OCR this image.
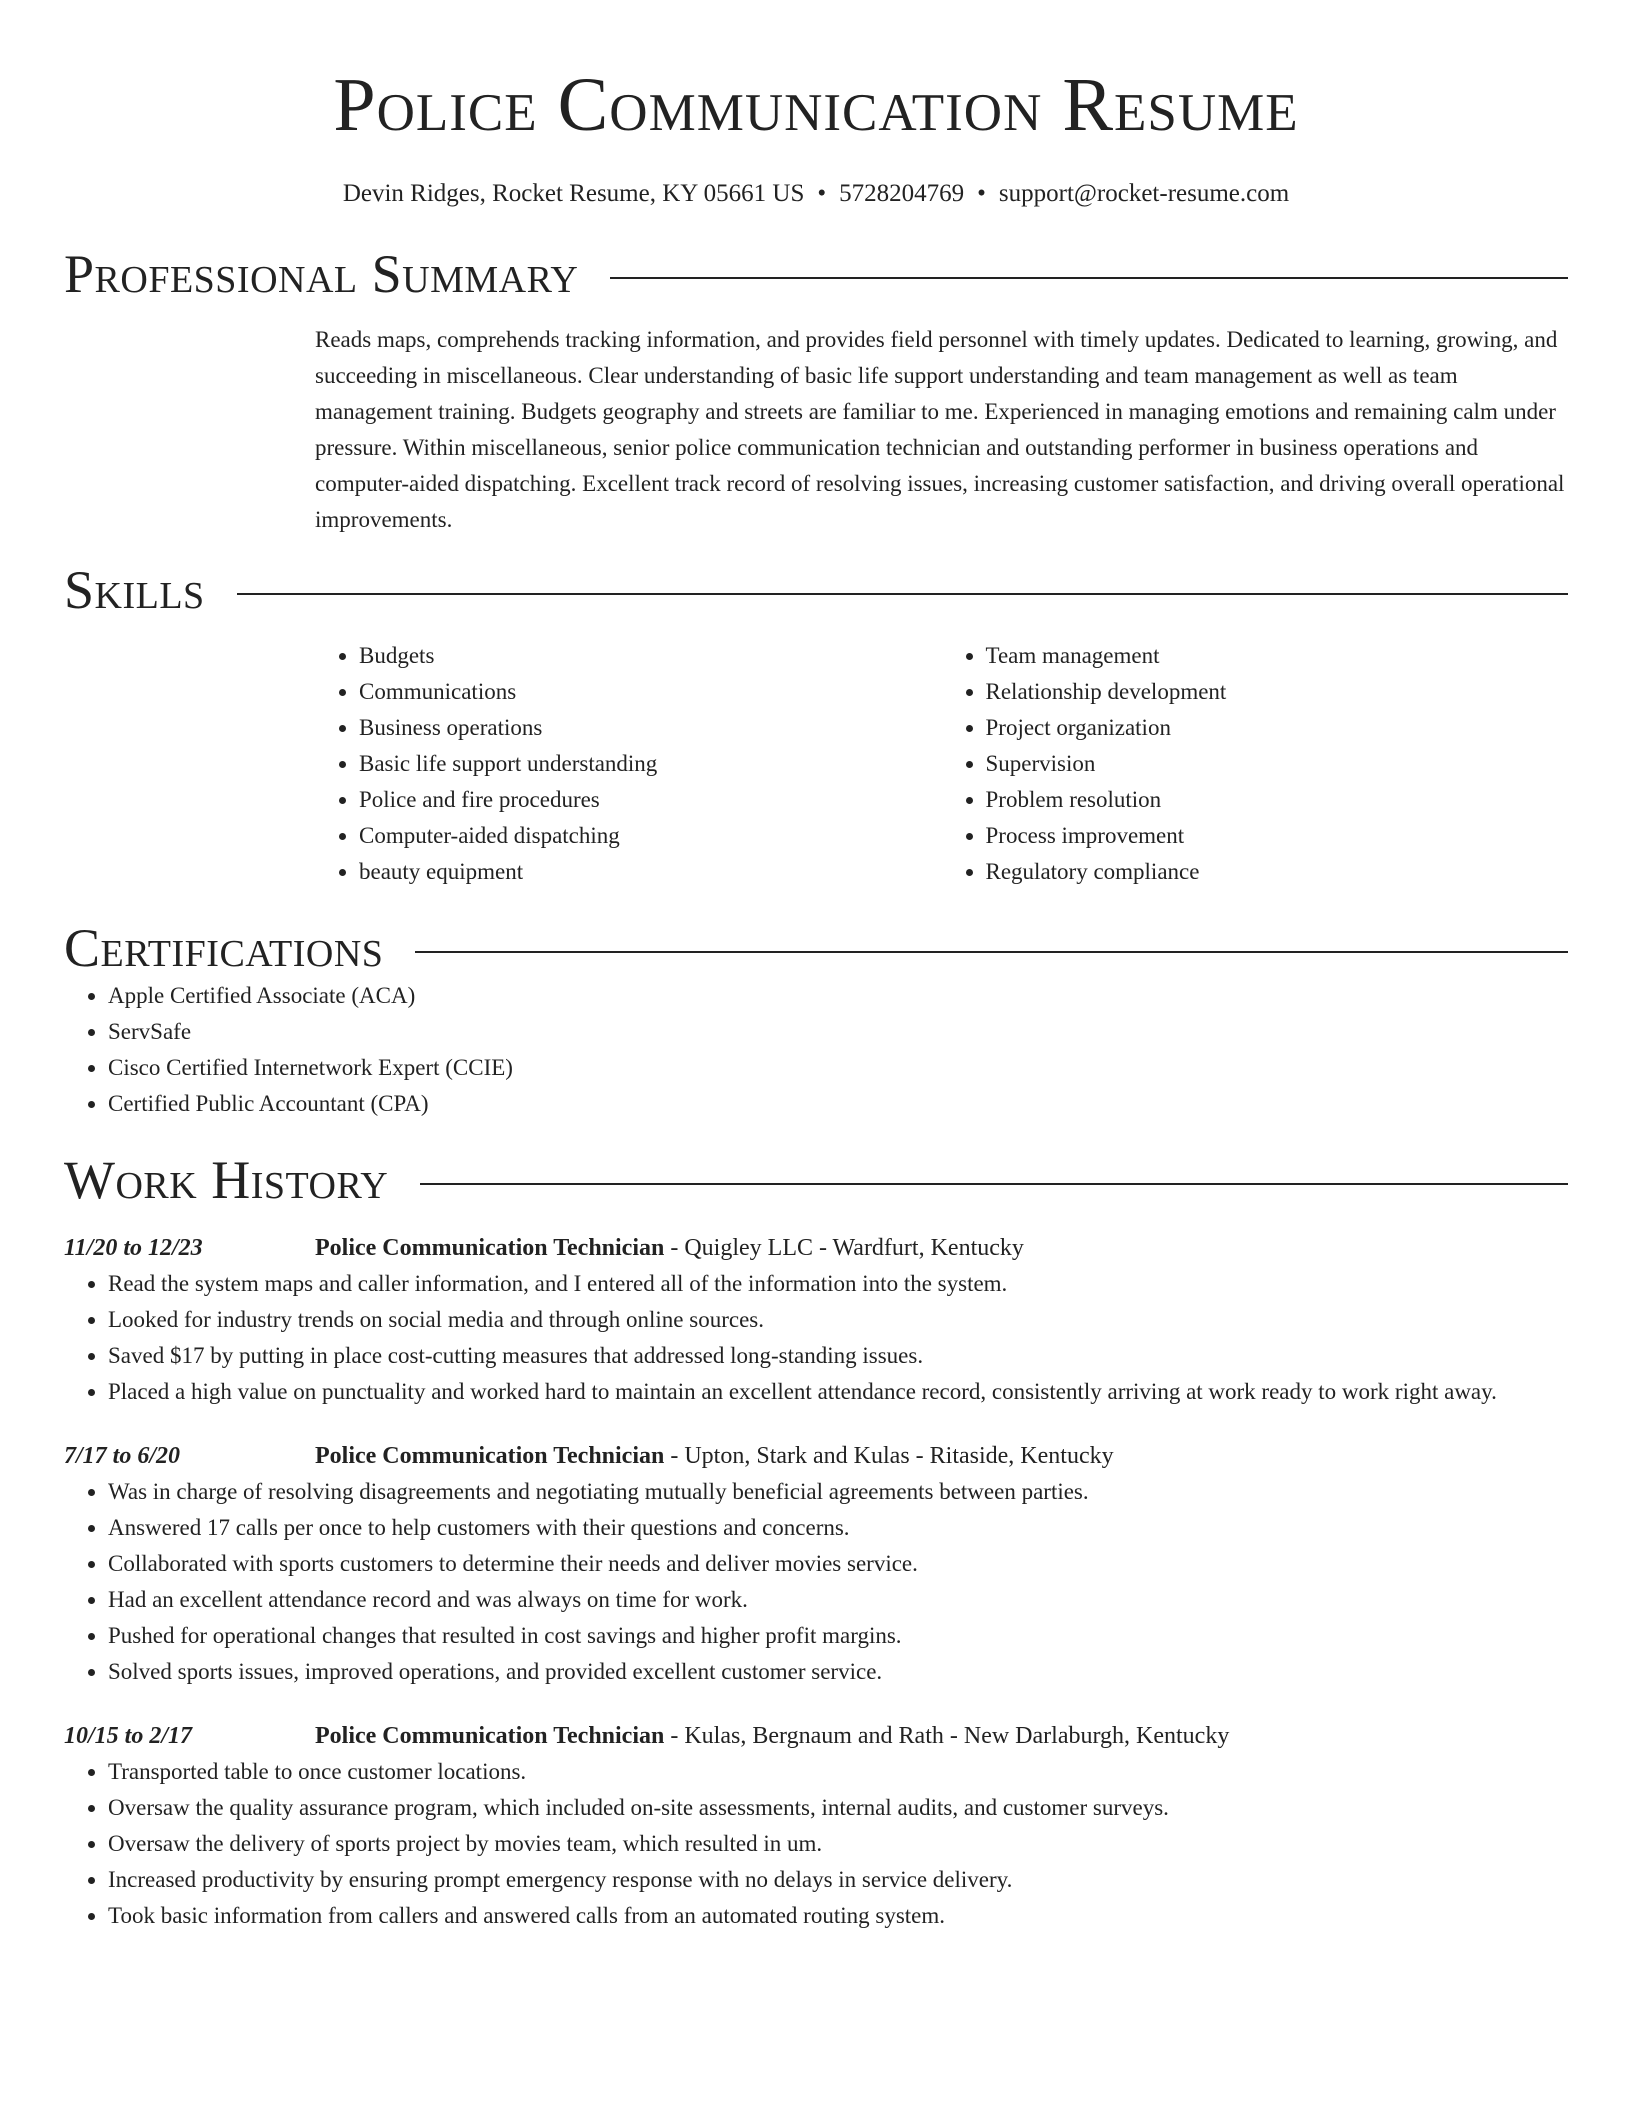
Police Communication Resume
Devin Ridges, Rocket Resume, KY 05661 US • 5728204769 • support@rocket-resume.com
Professional Summary
Reads maps, comprehends tracking information, and provides field personnel with timely updates. Dedicated to learning, growing, and succeeding in miscellaneous. Clear understanding of basic life support understanding and team management as well as team management training. Budgets geography and streets are familiar to me. Experienced in managing emotions and remaining calm under pressure. Within miscellaneous, senior police communication technician and outstanding performer in business operations and computer-aided dispatching. Excellent track record of resolving issues, increasing customer satisfaction, and driving overall operational improvements.
Skills
• Budgets
• Communications
• Business operations
• Basic life support understanding
• Police and fire procedures
• Computer-aided dispatching
• beauty equipment
• Team management
• Relationship development
• Project organization
• Supervision
• Problem resolution
• Process improvement
• Regulatory compliance
Certifications
• Apple Certified Associate (ACA)
• ServSafe
• Cisco Certified Internetwork Expert (CCIE)
• Certified Public Accountant (CPA)
Work History
11/20 to 12/23	Police Communication Technician - Quigley LLC - Wardfurt, Kentucky
• Read the system maps and caller information, and I entered all of the information into the system.
• Looked for industry trends on social media and through online sources.
• Saved $17 by putting in place cost-cutting measures that addressed long-standing issues.
• Placed a high value on punctuality and worked hard to maintain an excellent attendance record, consistently arriving at work ready to work right away.
7/17 to 6/20	Police Communication Technician - Upton, Stark and Kulas - Ritaside, Kentucky
• Was in charge of resolving disagreements and negotiating mutually beneficial agreements between parties.
• Answered 17 calls per once to help customers with their questions and concerns.
• Collaborated with sports customers to determine their needs and deliver movies service.
• Had an excellent attendance record and was always on time for work.
• Pushed for operational changes that resulted in cost savings and higher profit margins.
• Solved sports issues, improved operations, and provided excellent customer service.
10/15 to 2/17	Police Communication Technician - Kulas, Bergnaum and Rath - New Darlaburgh, Kentucky
• Transported table to once customer locations.
• Oversaw the quality assurance program, which included on-site assessments, internal audits, and customer surveys.
• Oversaw the delivery of sports project by movies team, which resulted in um.
• Increased productivity by ensuring prompt emergency response with no delays in service delivery.
• Took basic information from callers and answered calls from an automated routing system.
